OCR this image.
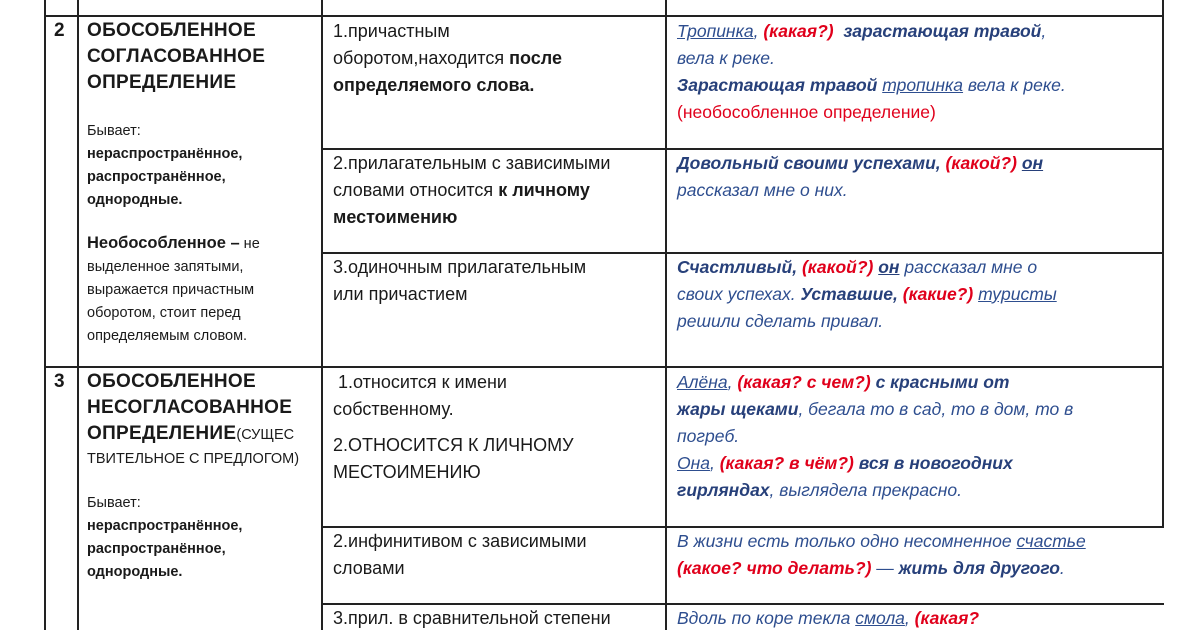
2 ОБОСОБЛЕННОЕ
СОГЛАСОВАННОЕ
ОПРЕДЕЛЕНИЕ
Бывает:
нераспространённое,
распространённое,
однородные.
Необособленное – не
выделенное запятыми,
выражается причастным
оборотом, стоит перед
определяемым словом.
1.причастным
оборотом,находится после
определяемого слова.
Тропинка, (какая?) зарастающая травой,
вела к реке.
Зарастающая травой тропинка вела к реке.
(необособленное определение)
2.прилагательным с зависимыми
словами относится к личному
местоимению
Довольный своими успехами, (какой?) он
рассказал мне о них.
3.одиночным прилагательным
или причастием
Счастливый, (какой?) он рассказал мне о
своих успехах. Уставшие, (какие?) туристы
решили сделать привал.
3 ОБОСОБЛЕННОЕ
НЕСОГЛАСОВАННОЕ
ОПРЕДЕЛЕНИЕ(СУЩЕС
ТВИТЕЛЬНОЕ С ПРЕДЛОГОМ)
Бывает:
нераспространённое,
распространённое,
однородные.
1.относится к имени
собственному.
2.ОТНОСИТСЯ К ЛИЧНОМУ
МЕСТОИМЕНИЮ
Алёна, (какая? с чем?) с красными от
жары щеками, бегала то в сад, то в дом, то в
погреб.
Она, (какая? в чём?) вся в новогодних
гирляндах, выглядела прекрасно.
2.инфинитивом с зависимыми
словами
В жизни есть только одно несомненное счастье
(какое? что делать?) — жить для другого.
3.прил. в сравнительной степени	Вдоль по коре текла смола, (какая?
